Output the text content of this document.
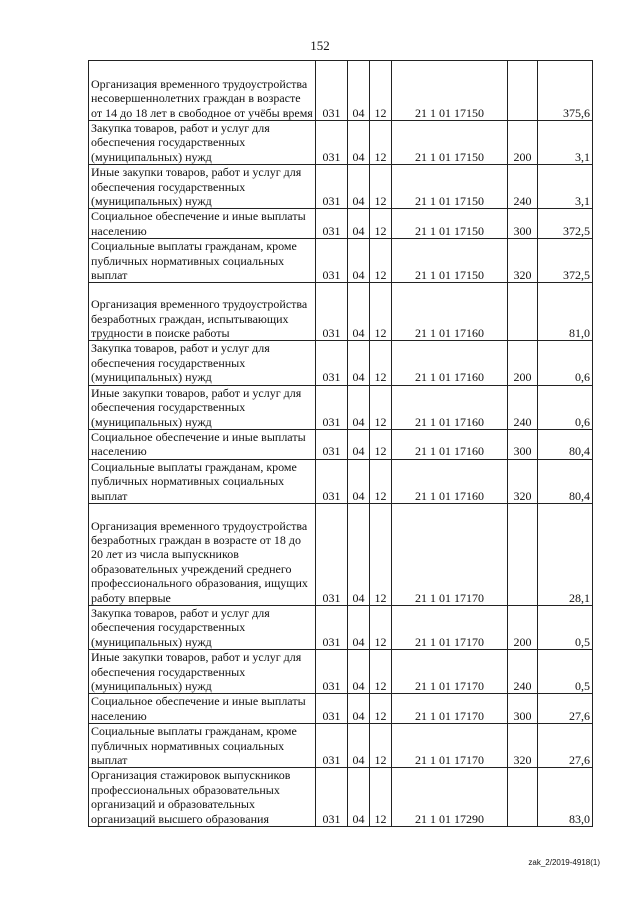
152
Организация временного трудоустройства несовершеннолетних граждан в возрасте от 14 до 18 лет в свободное от учёбы время	031	04	12	21 1 01 17150		375,6
Закупка товаров, работ и услуг для обеспечения государственных (муниципальных) нужд	031	04	12	21 1 01 17150	200	3,1
Иные закупки товаров, работ и услуг для обеспечения государственных (муниципальных) нужд	031	04	12	21 1 01 17150	240	3,1
Социальное обеспечение и иные выплаты населению	031	04	12	21 1 01 17150	300	372,5
Социальные выплаты гражданам, кроме публичных нормативных социальных выплат	031	04	12	21 1 01 17150	320	372,5
Организация временного трудоустройства безработных граждан, испытывающих трудности в поиске работы	031	04	12	21 1 01 17160		81,0
Закупка товаров, работ и услуг для обеспечения государственных (муниципальных) нужд	031	04	12	21 1 01 17160	200	0,6
Иные закупки товаров, работ и услуг для обеспечения государственных (муниципальных) нужд	031	04	12	21 1 01 17160	240	0,6
Социальное обеспечение и иные выплаты населению	031	04	12	21 1 01 17160	300	80,4
Социальные выплаты гражданам, кроме публичных нормативных социальных выплат	031	04	12	21 1 01 17160	320	80,4
Организация временного трудоустройства безработных граждан в возрасте от 18 до 20 лет из числа выпускников образовательных учреждений среднего профессионального образования, ищущих работу впервые	031	04	12	21 1 01 17170		28,1
Закупка товаров, работ и услуг для обеспечения государственных (муниципальных) нужд	031	04	12	21 1 01 17170	200	0,5
Иные закупки товаров, работ и услуг для обеспечения государственных (муниципальных) нужд	031	04	12	21 1 01 17170	240	0,5
Социальное обеспечение и иные выплаты населению	031	04	12	21 1 01 17170	300	27,6
Социальные выплаты гражданам, кроме публичных нормативных социальных выплат	031	04	12	21 1 01 17170	320	27,6
Организация стажировок выпускников профессиональных образовательных организаций и образовательных организаций высшего образования	031	04	12	21 1 01 17290		83,0
zak_2/2019-4918(1)
